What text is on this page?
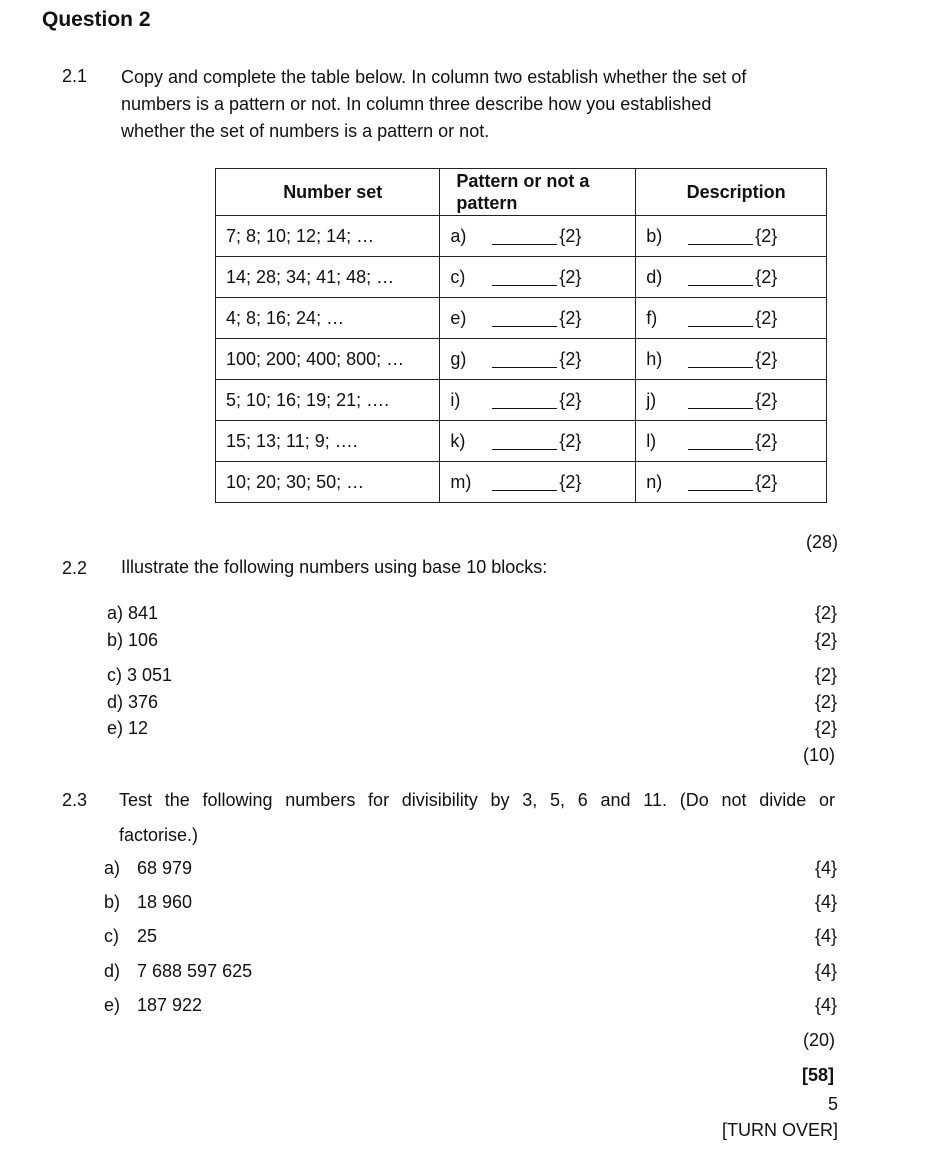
Question 2
2.1 Copy and complete the table below. In column two establish whether the set of
numbers is a pattern or not. In column three describe how you established
whether the set of numbers is a pattern or not.
Number set	Pattern or not a pattern	Description
7; 8; 10; 12; 14; …	a) {2}	b) {2}

14; 28; 34; 41; 48; …	c) {2}	d) {2}

4; 8; 16; 24; …	e) {2}	f) {2}

100; 200; 400; 800; …	g) {2}	h) {2}

5; 10; 16; 19; 21; ….	i) {2}	j) {2}

15; 13; 11; 9; ….	k) {2}	l) {2}

10; 20; 30; 50; …	m) {2}	n) {2}
(28)
2.2 Illustrate the following numbers using base 10 blocks:
a) 841	{2}
b) 106	{2}
c) 3 051	{2}
d) 376	{2}
e) 12	{2}
(10)
2.3 Test the following numbers for divisibility by 3, 5, 6 and 11. (Do not divide or
factorise.)
a) 68 979	{4}
b) 18 960	{4}
c) 25	{4}
d) 7 688 597 625	{4}
e) 187 922	{4}
(20)
[58]
5
[TURN OVER]
